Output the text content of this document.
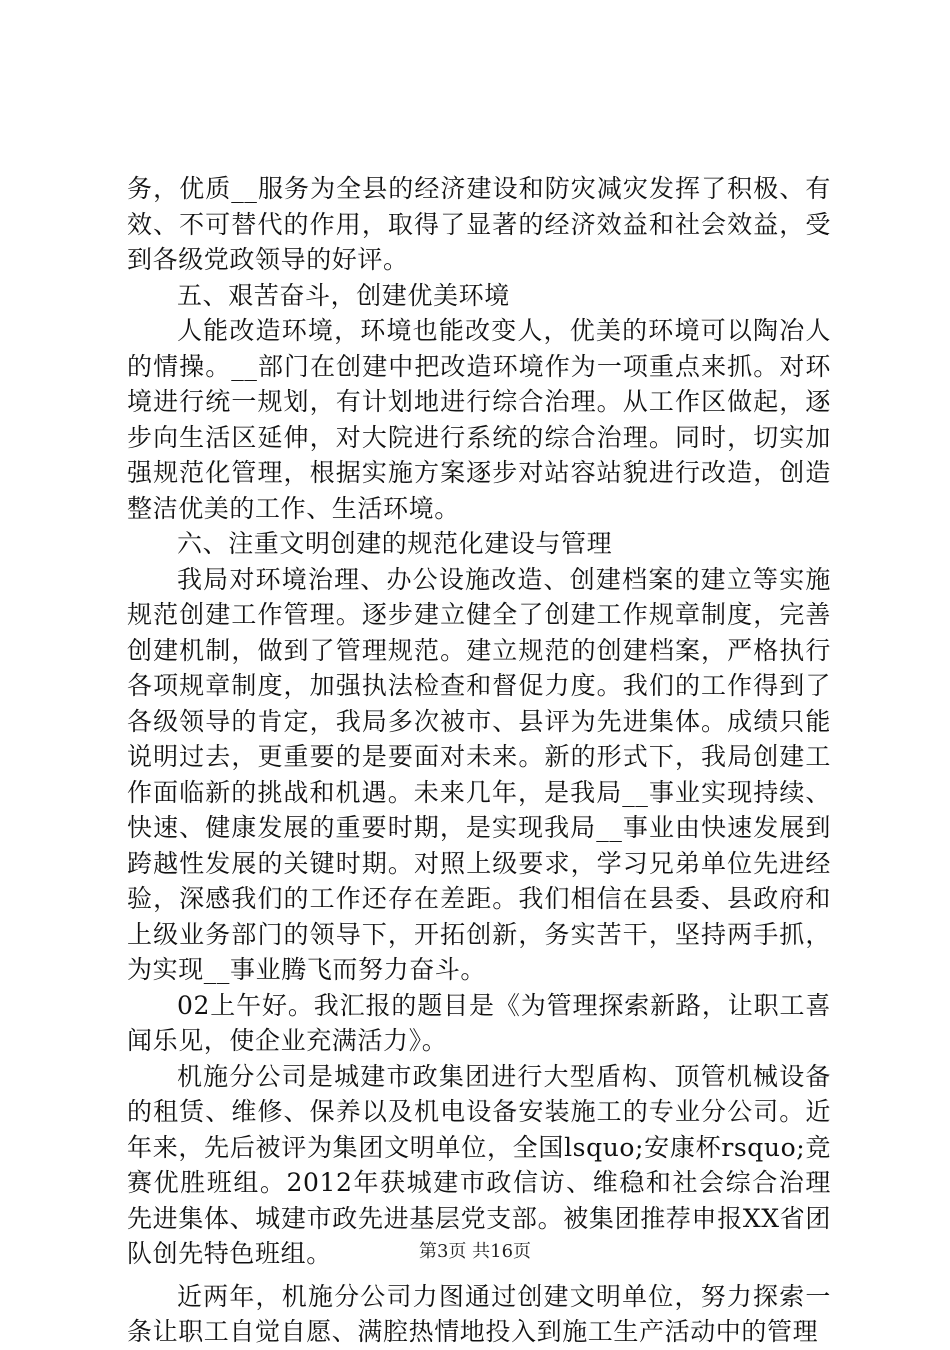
务，优质__服务为全县的经济建设和防灾减灾发挥了积极、有效、不可替代的作用，取得了显著的经济效益和社会效益，受到各级党政领导的好评。

五、艰苦奋斗，创建优美环境

人能改造环境，环境也能改变人，优美的环境可以陶冶人的情操。__部门在创建中把改造环境作为一项重点来抓。对环境进行统一规划，有计划地进行综合治理。从工作区做起，逐步向生活区延伸，对大院进行系统的综合治理。同时，切实加强规范化管理，根据实施方案逐步对站容站貌进行改造，创造整洁优美的工作、生活环境。

六、注重文明创建的规范化建设与管理

我局对环境治理、办公设施改造、创建档案的建立等实施规范创建工作管理。逐步建立健全了创建工作规章制度，完善创建机制，做到了管理规范。建立规范的创建档案，严格执行各项规章制度，加强执法检查和督促力度。我们的工作得到了各级领导的肯定，我局多次被市、县评为先进集体。成绩只能说明过去，更重要的是要面对未来。新的形式下，我局创建工作面临新的挑战和机遇。未来几年，是我局__事业实现持续、快速、健康发展的重要时期，是实现我局__事业由快速发展到跨越性发展的关键时期。对照上级要求，学习兄弟单位先进经验，深感我们的工作还存在差距。我们相信在县委、县政府和上级业务部门的领导下，开拓创新，务实苦干，坚持两手抓，为实现__事业腾飞而努力奋斗。

02上午好。我汇报的题目是《为管理探索新路，让职工喜闻乐见，使企业充满活力》。

机施分公司是城建市政集团进行大型盾构、顶管机械设备的租赁、维修、保养以及机电设备安装施工的专业分公司。近年来，先后被评为集团文明单位，全国lsquo;安康杯rsquo;竞赛优胜班组。2012年获城建市政信访、维稳和社会综合治理先进集体、城建市政先进基层党支部。被集团推荐申报XX省团队创先特色班组。

近两年，机施分公司力图通过创建文明单位，努力探索一条让职工自觉自愿、满腔热情地投入到施工生产活动中的管理

第3页 共16页
